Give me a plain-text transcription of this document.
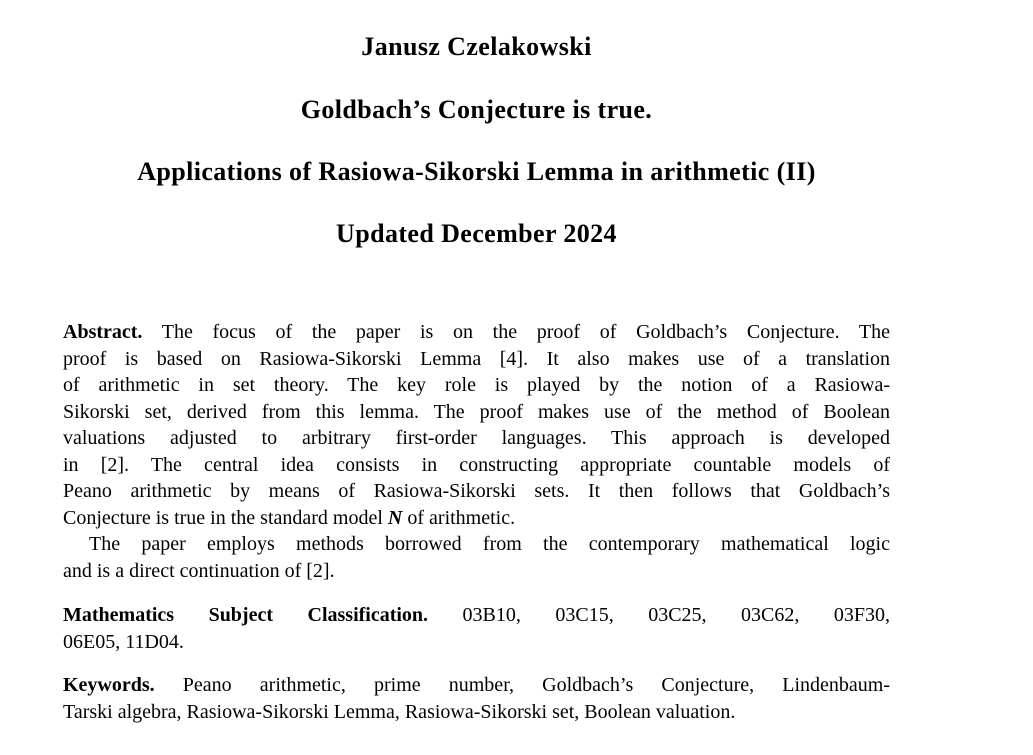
Janusz Czelakowski
Goldbach’s Conjecture is true.
Applications of Rasiowa-Sikorski Lemma in arithmetic (II)
Updated December 2024
Abstract. The focus of the paper is on the proof of Goldbach’s Conjecture. The
proof is based on Rasiowa-Sikorski Lemma [4]. It also makes use of a translation
of arithmetic in set theory. The key role is played by the notion of a Rasiowa-
Sikorski set, derived from this lemma. The proof makes use of the method of Boolean
valuations adjusted to arbitrary first-order languages. This approach is developed
in [2]. The central idea consists in constructing appropriate countable models of
Peano arithmetic by means of Rasiowa-Sikorski sets. It then follows that Goldbach’s
Conjecture is true in the standard model N of arithmetic.
The paper employs methods borrowed from the contemporary mathematical logic
and is a direct continuation of [2].
Mathematics Subject Classification. 03B10, 03C15, 03C25, 03C62, 03F30,
06E05, 11D04.
Keywords. Peano arithmetic, prime number, Goldbach’s Conjecture, Lindenbaum-
Tarski algebra, Rasiowa-Sikorski Lemma, Rasiowa-Sikorski set, Boolean valuation.
